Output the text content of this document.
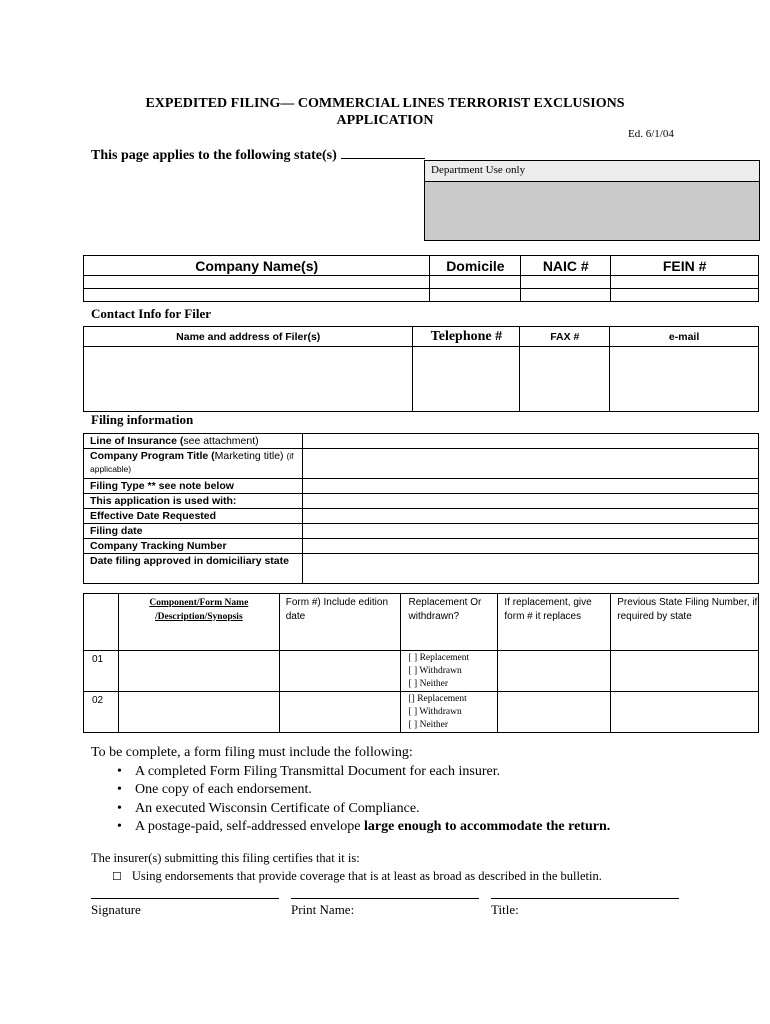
EXPEDITED FILING— COMMERCIAL LINES TERRORIST EXCLUSIONS
APPLICATION
Ed. 6/1/04
This page applies to the following state(s)
Department Use only
Company Name(s)	Domicile	NAIC #	FEIN #

Contact Info for Filer
Name and address of Filer(s)	Telephone #	FAX #	e-mail

Filing information
Line of Insurance (see attachment)	
Company Program Title (Marketing title) (if applicable)	
Filing Type ** see note below	
This application is used with:	
Effective Date Requested	
Filing date	
Company Tracking Number	
Date filing approved in domiciliary state	
	Component/Form Name /Description/Synopsis	Form #) Include edition date	Replacement Or withdrawn?	If replacement, give form # it replaces	Previous State Filing Number, if required by state
01			[ ] Replacement
[ ] Withdrawn
[ ] Neither		

02			[] Replacement
[ ] Withdrawn
[ ] Neither		

To be complete, a form filing must include the following:
• A completed Form Filing Transmittal Document for each insurer.
• One copy of each endorsement.
• An executed Wisconsin Certificate of Compliance.
• A postage-paid, self-addressed envelope large enough to accommodate the return.
The insurer(s) submitting this filing certifies that it is:
☐ Using endorsements that provide coverage that is at least as broad as described in the bulletin.
Signature	Print Name:	Title:
